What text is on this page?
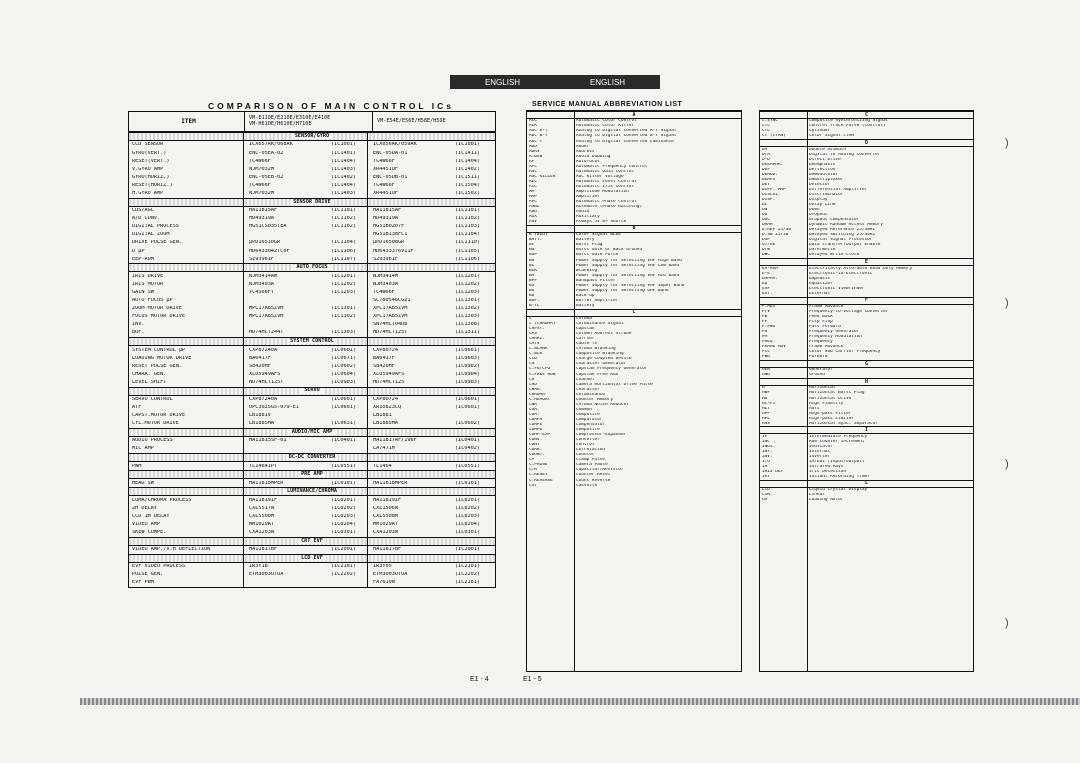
ENGLISH	ENGLISH
COMPARISON OF MAIN CONTROL ICs	SERVICE MANUAL ABBREVIATION LIST
ITEM	VM-E110E/E210E/E310E/E410E
VM-H610E/H610E/H710E	VM-E54E/E56E/H58E/H59E
SENSOR/GYRO
CCD SENSOR	ICX057AK/068AK	(IC1001)	ICX056AK/059AK	(IC1001)
GYRO(VERT.)	ENC-05EA-02	(IC1401)	ENC-05DA-01	(IC1411)
RESET(VERT.)	TC4W66F	(IC1404)	TC4W66F	(IC1404)
V.GYRO AMP	NJM7032M	(IC1403)	XR4451OF	(IC1402)
GYRO(HORIZ.)	ENC-05EB-02	(IC1402)	ENC-05DB-01	(IC1511)
RESET(HORIZ.)	TC4W66F	(IC1404)	TC4W66F	(IC1504)
H.GYRO AMP	NJM7032M	(IC1403)	XR4451OF	(IC1502)
SENSOR DRIVE
CDS/AGC	HA11815AF	(IC1101)	HA11815AF	(IC1101)
A/D CONV.	HD49319A	(IC1102)	HD49319A	(IC1102)
DIGITAL PROCESS	HG51CS035TEA	(IC1102)	HG51B0207F	(IC1103)
DIGITAL ZOOM	HG51B138FC1	(IC1104)
DRIVE PULSE GEN.	µPD16510GR	(IC1104)	µPD16508GR	(IC1110)
D µP	HD6433042TC0F	(IC1106)	HD6433376V11F	(IC1105)
EEP-ROM	S29396IF	(IC1107)	S29396IF	(IC1106)
AUTO FOCUS
IRIS DRIVE	NJM3414AM	(IC1201)	NJM3414M	(IC1201)
IRIS MOTOR	NJM3403A	(IC1202)	NJM3403A	(IC1202)
GAIN SW	TC4S66FT	(IC1203)	TC4W66F	(IC1203)
AUTO FOCUS µP	SC780546CG21	(IC1301)
ZOOM MOTOR DRIVE	MPC17A85ZVM	(IC1301)	XPC17A85ZVM	(IC1302)
FOCUS MOTOR DRIVE	MPC17A85ZVM	(IC1302)	XPC17A85ZVM	(IC1303)
INV.	SN74HCT04DB	(IC1308)
BUF.	HD74HCT244T	(IC1303)	HD74HCT125T	(IC1311)
SYSTEM CONTROL
SYSTEM CONTROL µP	CXP87240A	(IC0601)	CXP80724	(IC0601)
LOADING MOTOR DRIVE	BA6417F	(IC0671)	BA6417F	(IC0603)
RESET PULSE GEN.	S8420HF	(IC0602)	S8420HF	(IC0902)
CHARA. GEN.	XLU5949AFS	(IC0604)	XLU5949AFS	(IC0904)
LEVEL SHIFT	HD74HCT125T	(IC0903)	HD74HCT125	(IC0903)
SERVO
SERVO CONTROL	CXP87240A	(IC0601)	CXP80724	(IC0601)
ATF	UPC3025G5-079-E1	(IC0601)	XR10823CQ	(IC0601)
CAPST.MOTOR DRIVE	LB1881V	LB1881
CYL.MOTOR DRIVE	LB1885MA	(IC0631)	LB1885MA	(IC0602)
AUDIO/MIC AMP
AUDIO PROCESS	HA11815SF-01	(IC0401)	HA11817AF/196F	(IC0401)
MIC AMP	LA7471M	(IC0402)
DC-DC CONVERTER
PWM	TL1464IPT	(IC0551)	TL1464	(IC0551)
PRE AMP
HEAD SW	HA11818MPER	(IC0101)	HA11818MPER	(IC0101)
LUMINANCE/CHROMA
LUMA/CHROMA PROCESS	HA11819IF	(IC0201)	HA11819IF	(IC0201)
2H DELAY	CXL5517N	(IC0202)	CXL1506N	(IC0202)
CCD 1H DELAY	CXL5508M	(IC0203)	CXL5508M	(IC0203)
VIDEO AMP	MM1029AT	(IC0204)	MM1029AT	(IC0204)
SKEW COMPE.	CXA1203N	(IC0301)	CXA1203N	(IC0301)
CRT EVF
VIDEO AMP./V.H DEFLECTION	HA11817BF	(IC2001)	HA11817BF	(IC2001)
LCD EVF
EVF VIDEO PROCESS	IR3Y18	(IC2101)	IR3Y05	(IC2101)
PULSE GEN.	ETM3003OTOA	(IC2202)	ETM3003OTOA	(IC2202)
EVF PWM	FA7610N	(IC2181)
E1 - 4	E1 - 5
A
ACC	Automatic Color Control
ACK	Automatic Color Killer
ADC R-Y	Analog to Digital Converted R-Y Signal
ADC B-Y	Analog to Digital Converted B-Y Signal
ADC Y	Analog to Digital Converted Luminance
ADD	Adder
ADRS	Address
A.DUB	Audio Dubbing
AF	Autofocus
AFC	Automatic Frequency Control
AGC	Automatic Gain Control
AGC KILLER	AGC Killer Voltage
ALC	Automatic Level Control
AIC	Automatic Iris Control
AM	Amplitude Modulation
AMP	Amplifier
APC	Automatic Phase Control
ASBL	Assemble (Phase Matching)
AUD.	Audio
AUX	Auxiliary
ASV	Always 5V B+ Source
B
B (BLU)	Color Signal BLUE
BATT.	Battery
BF	Burst Flag
BG	Burst Gate or Back Ground
BGP	Burst Gate Pulse
BH	Power Supply for Selecting VHF High Band
BL	Power Supply for Selecting VHF Low Band
BLK	Blanking
BM	Power Supply for Selecting VHF Mid Band
BPF	Bandpass Filter
BS	Power Supply for Selecting VHF Super Band
BU	Power Supply for Selecting UHF Band
BU	Back-up
BUF.	Buffer Amplifier
B-TL	Battery
C
C	Chroma
C (CHROMA)	Chrominance Signal
CAPST.	Capstan
CAS	Column Address Strobe
CARRI.	Carrier
CATV	Cable TV
C.BLANK	Chroma Blanking
C.BLK	Composite Blanking
CCD	Charge Coupled Device
CG	Character Generator
C.FG/CFG	Capstan Frequency Generator
C.FREE RUN	Capstan Free Run
CH	Channel
CHD	Camera Horizontal Drive Pulse
CHAR.	Character
CHROMA	Chrominance
C.MEMORY	Counter Memory
CNR	Chroma Noise Reducer
COM.	Common
COM.	Composite
COMPA	Comparator
COMPE	Compensator
COMPO	Composite
COMP-EXP	Compressor-Expander
CONV.	Converter
CONT	Control
CORR.	Correlation
COUNT.	Counter
CP	Clamp Pulse
C.PAUSE	Camera Pause
C/R	Capacitor/Resistor
C.RESET	Counter Reset
C.REVERSE	Count Reverse
CST	Cassette
C
C.SYNC	Composite Synchronizing Signal
CTL	Control Track Pulse (Control)
CYL	Cylinder
CY (CYAN)	Color Signal CYAN
D
DA	Double Azimuth
D/A	Digital to Analog Converter
D-D	Direct Drive
DEEMPHA.	Deemphasis
DEF	Deflection
DEMOD.	Demodulator
DEMPX	Demultiplexer
DET	Detector
DIFF. AMP	Differential Amplifier
DISCRI.	Discriminator
DISP.	Display
DL	Delay Line
DN	Down
DO	Dropout
DOC	Dropout Compensator
DRAM	Dynamic Random Access Memory
D.REF 25/30	Delayed Reference 25/30Hz
D.SW 25/30	Delayed Switching 25/30Hz
DSP	Digital Signal Processor
DT/OE	Data Transfer/Output Enable
D/W	Dark/White
DWC	Delayed Write Clock
E
EA-ROM	Electrically Alterable Read Only Memory
E-E	Electronic-to-Electronic
EMPHA.	Emphasis
EQ	Equalizer
EVF	Electronic Viewfinder
EXT.	External
F
F.ADV	Frame Advance
F/V	Frequency-to-Voltage Converter
FB	Feed Back
FF	Flip Flop
F.FWD	Fast Forward
FG	Frequency Generator
FM	Frequency Modulation
FREQ.	Frequency
FRAME ADV	Frame Advance
Fsc	Color Sub Carrier Frequency
FWD	Forward
G
GEN	Generator
GND	Ground
H
H	Horizontal
HBF	Horizontal Burst Flag
HD	Horizontal Drive
Hi-Fi	High Fidelity
HLT	Halt
HPF	High-pass Filter
HPL	High-pass Limiter
HSS	Horizontal Sync. Separator
I
IF	Intermediate Frequency
INC	Row Counter Increment
INDI.	Indicator
INT.	Internal
INV.	Inverter
I/O	In/Out (Input/Output)
IR	Infrared Rays
IRIS DET	Iris Detection
IRT	Instant Recording Timer
L
LCD	Liquid Crystal Display
LIN.	Linear
LM	Loading Motor
)
)
)
)
